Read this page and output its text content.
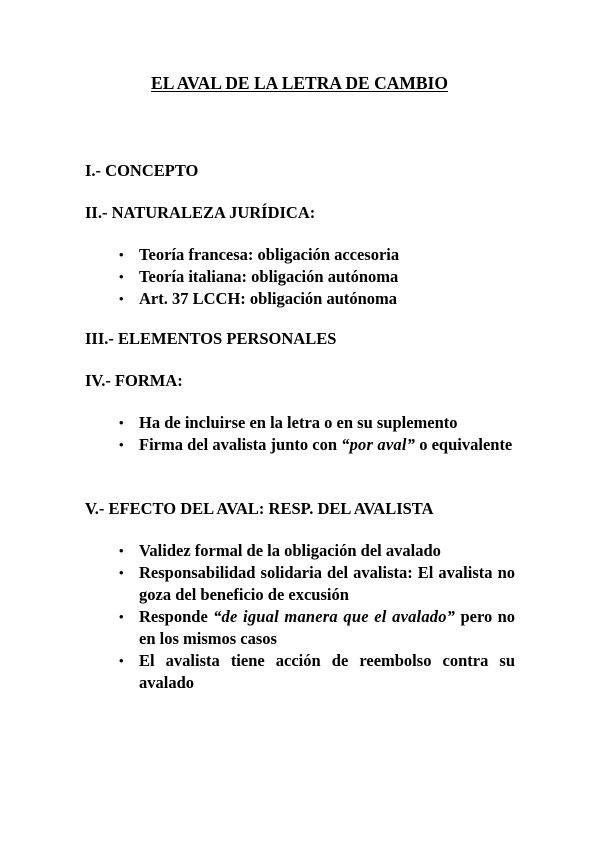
EL AVAL DE LA LETRA DE CAMBIO
I.- CONCEPTO
II.- NATURALEZA JURÍDICA:
• Teoría francesa: obligación accesoria
• Teoría italiana: obligación autónoma
• Art. 37 LCCH: obligación autónoma
III.- ELEMENTOS PERSONALES
IV.- FORMA:
• Ha de incluirse en la letra o en su suplemento
• Firma del avalista junto con “por aval” o equivalente
V.- EFECTO DEL AVAL: RESP. DEL AVALISTA
• Validez formal de la obligación del avalado
• Responsabilidad solidaria del avalista: El avalista no goza del beneficio de excusión
• Responde “de igual manera que el avalado” pero no en los mismos casos
• El avalista tiene acción de reembolso contra su avalado
